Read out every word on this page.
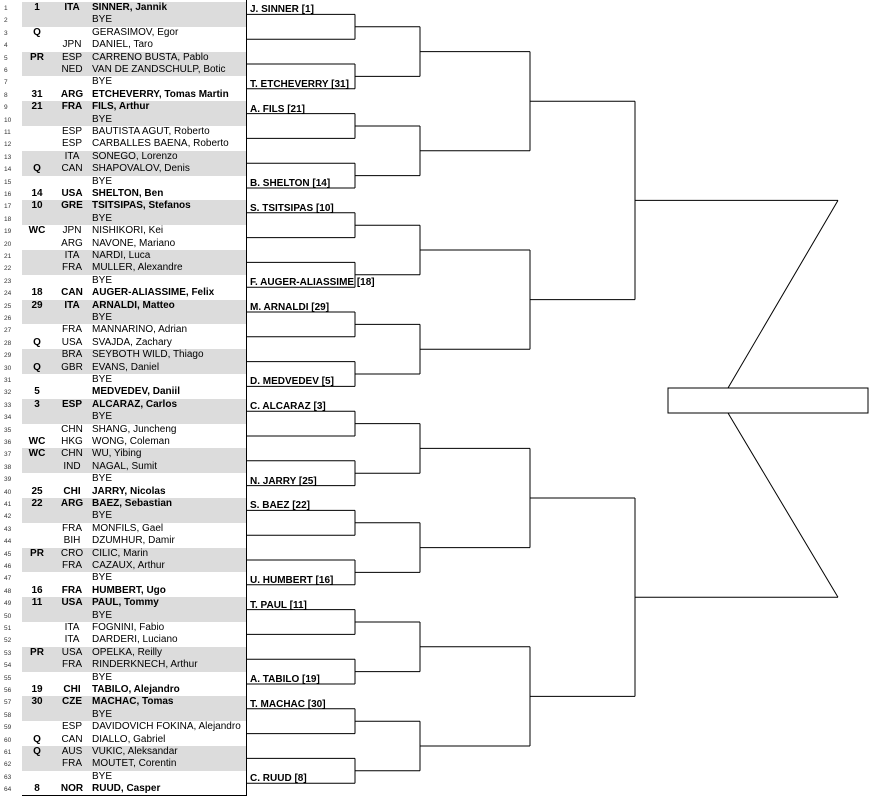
1	1	ITA	SINNER, Jannik
2	BYE
3	Q	GERASIMOV, Egor
4	JPN	DANIEL, Taro
5	PR	ESP	CARRENO BUSTA, Pablo
6	NED VAN DE ZANDSCHULP, Botic
7	BYE
8	31	ARG ETCHEVERRY, Tomas Martin
9	21	FRA FILS, Arthur
10	BYE
11	ESP	BAUTISTA AGUT, Roberto
12	ESP	CARBALLES BAENA, Roberto
13	ITA	SONEGO, Lorenzo
14	Q	CAN SHAPOVALOV, Denis
15	BYE
16	14	USA SHELTON, Ben
17	10	GRE TSITSIPAS, Stefanos
18	BYE
19	WC	JPN	NISHIKORI, Kei
20	ARG NAVONE, Mariano
21	ITA	NARDI, Luca
22	FRA	MULLER, Alexandre
23	BYE
24	18	CAN AUGER-ALIASSIME, Felix
25	29	ITA	ARNALDI, Matteo
26	BYE
27	FRA	MANNARINO, Adrian
28	Q	USA SVAJDA, Zachary
29	BRA SEYBOTH WILD, Thiago
30	Q	GBR EVANS, Daniel
31	BYE
32	5	MEDVEDEV, Daniil
33	3	ESP	ALCARAZ, Carlos
34	BYE
35	CHN SHANG, Juncheng
36	WC	HKG WONG, Coleman
37	WC	CHN WU, Yibing
38	IND	NAGAL, Sumit
39	BYE
40	25	CHI	JARRY, Nicolas
41	22	ARG BAEZ, Sebastian
42	BYE
43	FRA	MONFILS, Gael
44	BIH	DZUMHUR, Damir
45	PR	CRO CILIC, Marin
46	FRA	CAZAUX, Arthur
47	BYE
48	16	FRA HUMBERT, Ugo
49	11	USA PAUL, Tommy
50	BYE
51	ITA	FOGNINI, Fabio
52	ITA	DARDERI, Luciano
53	PR	USA OPELKA, Reilly
54	FRA	RINDERKNECH, Arthur
55	BYE
56	19	CHI	TABILO, Alejandro
57	30	CZE	MACHAC, Tomas
58	BYE
59	ESP	DAVIDOVICH FOKINA, Alejandro
60	Q	CAN DIALLO, Gabriel
61	Q	AUS VUKIC, Aleksandar
62	FRA	MOUTET, Corentin
63	BYE
64	8	NOR RUUD, Casper
J. SINNER [1]
T. ETCHEVERRY [31]
A. FILS [21]
B. SHELTON [14]
S. TSITSIPAS [10]
F. AUGER-ALIASSIME [18]
M. ARNALDI [29]
D. MEDVEDEV [5]
C. ALCARAZ [3]
N. JARRY [25]
S. BAEZ [22]
U. HUMBERT [16]
T. PAUL [11]
A. TABILO [19]
T. MACHAC [30]
C. RUUD [8]
